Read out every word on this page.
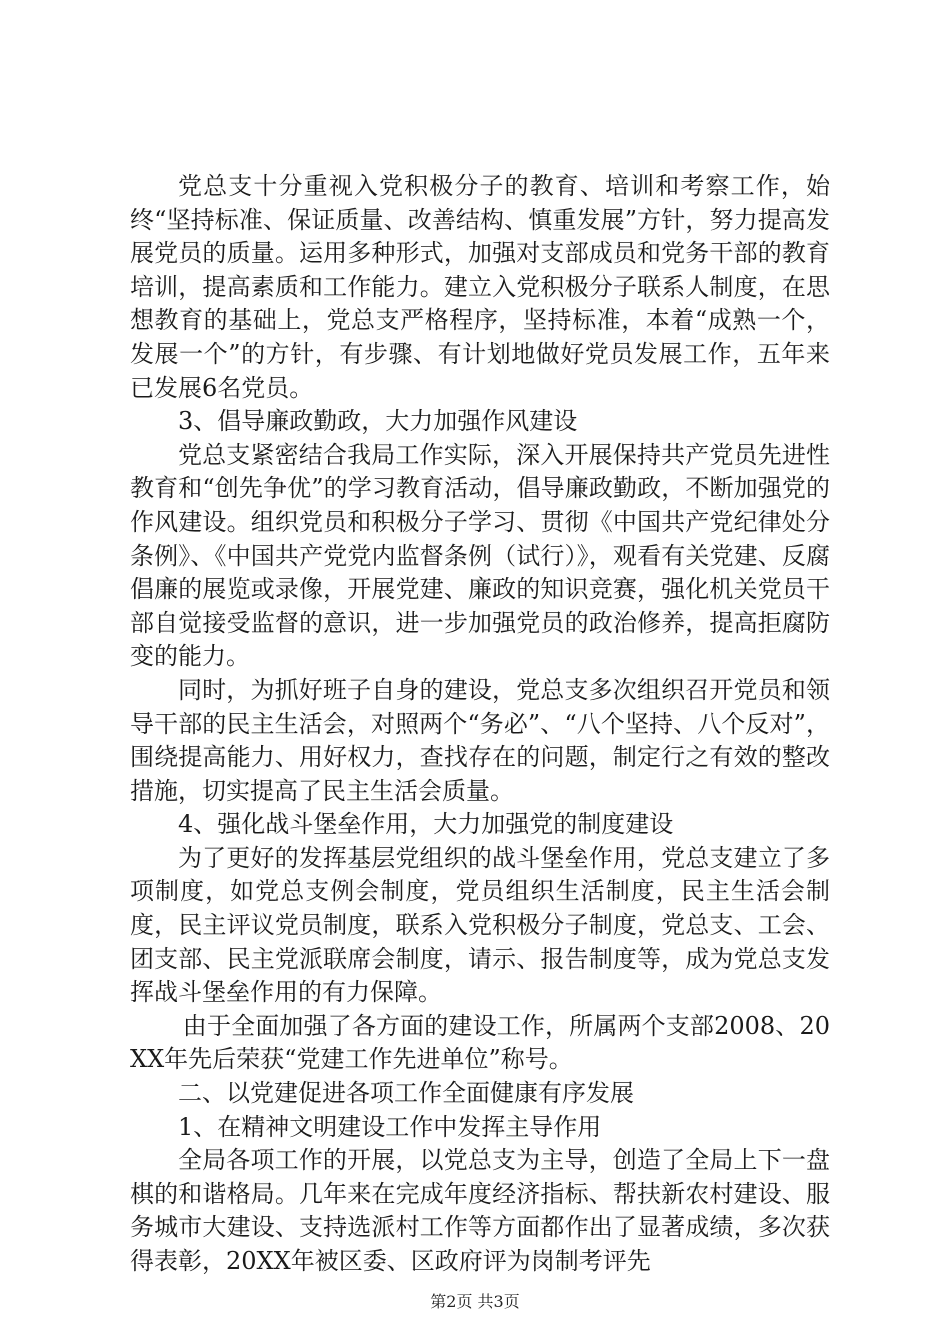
党总支十分重视入党积极分子的教育、培训和考察工作，始终“坚持标准、保证质量、改善结构、慎重发展”方针，努力提高发展党员的质量。运用多种形式，加强对支部成员和党务干部的教育培训，提高素质和工作能力。建立入党积极分子联系人制度，在思想教育的基础上，党总支严格程序，坚持标准，本着“成熟一个，发展一个”的方针，有步骤、有计划地做好党员发展工作，五年来已发展6名党员。

3、倡导廉政勤政，大力加强作风建设

党总支紧密结合我局工作实际，深入开展保持共产党员先进性教育和“创先争优”的学习教育活动，倡导廉政勤政，不断加强党的作风建设。组织党员和积极分子学习、贯彻《中国共产党纪律处分条例》、《中国共产党党内监督条例（试行）》，观看有关党建、反腐倡廉的展览或录像，开展党建、廉政的知识竞赛，强化机关党员干部自觉接受监督的意识，进一步加强党员的政治修养，提高拒腐防变的能力。

同时，为抓好班子自身的建设，党总支多次组织召开党员和领导干部的民主生活会，对照两个“务必”、“八个坚持、八个反对”，围绕提高能力、用好权力，查找存在的问题，制定行之有效的整改措施，切实提高了民主生活会质量。

4、强化战斗堡垒作用，大力加强党的制度建设

为了更好的发挥基层党组织的战斗堡垒作用，党总支建立了多项制度，如党总支例会制度，党员组织生活制度，民主生活会制度，民主评议党员制度，联系入党积极分子制度，党总支、工会、团支部、民主党派联席会制度，请示、报告制度等，成为党总支发挥战斗堡垒作用的有力保障。

由于全面加强了各方面的建设工作，所属两个支部2008、20XX年先后荣获“党建工作先进单位”称号。

二、以党建促进各项工作全面健康有序发展

1、在精神文明建设工作中发挥主导作用

全局各项工作的开展，以党总支为主导，创造了全局上下一盘棋的和谐格局。几年来在完成年度经济指标、帮扶新农村建设、服务城市大建设、支持选派村工作等方面都作出了显著成绩，多次获得表彰，20XX年被区委、区政府评为岗制考评先

第2页 共3页
